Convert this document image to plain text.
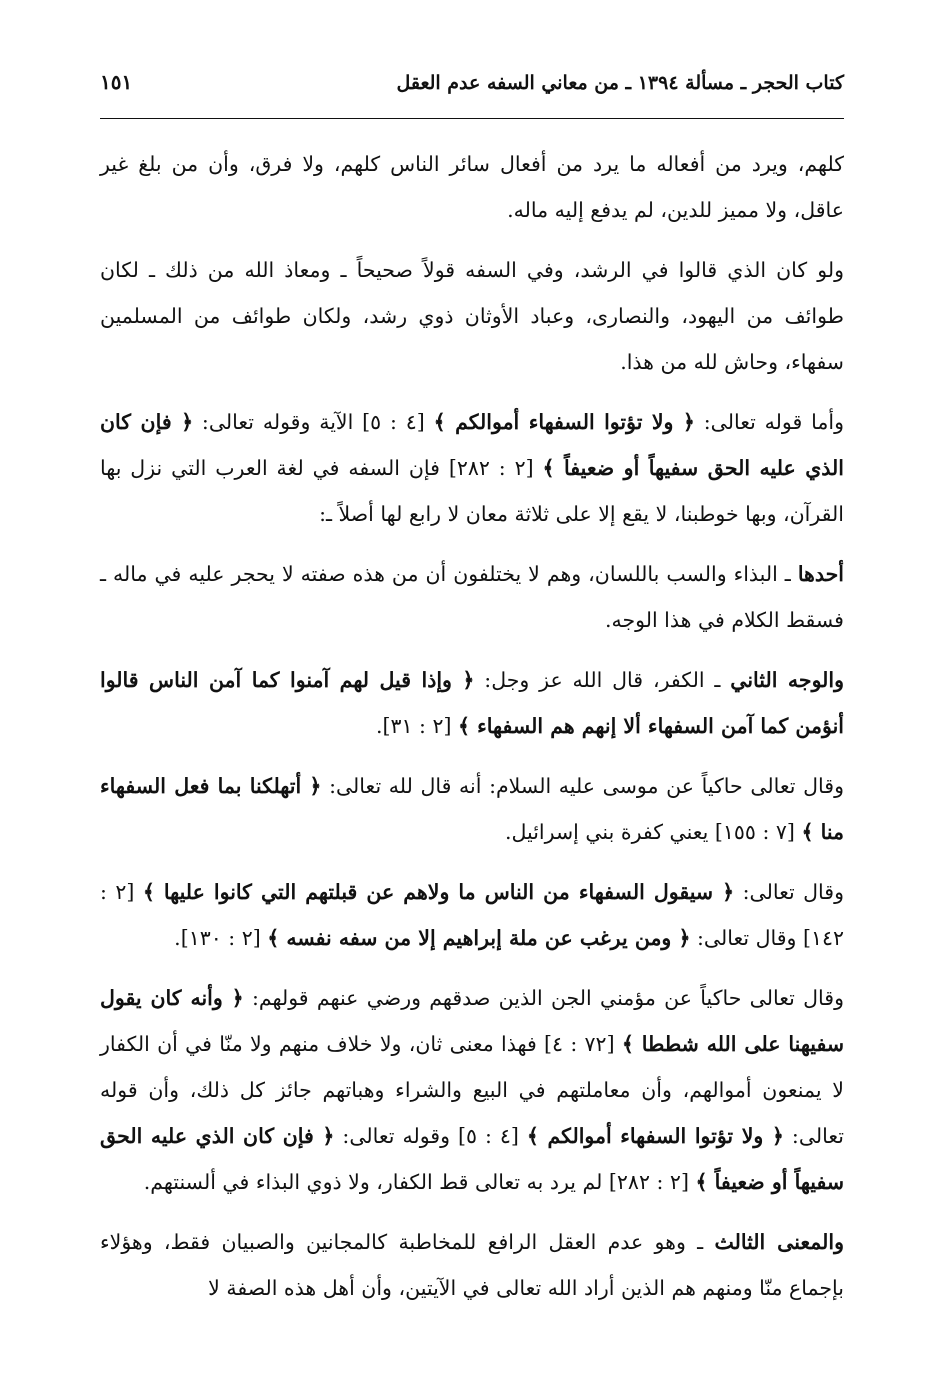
كتاب الحجر ـ مسألة ١٣٩٤ ـ من معاني السفه عدم العقل
١٥١

كلهم، ويرد من أفعاله ما يرد من أفعال سائر الناس كلهم، ولا فرق، وأن من بلغ غير عاقل، ولا مميز للدين، لم يدفع إليه ماله.

ولو كان الذي قالوا في الرشد، وفي السفه قولاً صحيحاً ـ ومعاذ الله من ذلك ـ لكان طوائف من اليهود، والنصارى، وعباد الأوثان ذوي رشد، ولكان طوائف من المسلمين سفهاء، وحاش لله من هذا.

وأما قوله تعالى: ﴿ ولا تؤتوا السفهاء أموالكم ﴾ [٤ : ٥] الآية وقوله تعالى: ﴿ فإن كان الذي عليه الحق سفيهاً أو ضعيفاً ﴾ [٢ : ٢٨٢] فإن السفه في لغة العرب التي نزل بها القرآن، وبها خوطبنا، لا يقع إلا على ثلاثة معان لا رابع لها أصلاً ـ:

أحدها ـ البذاء والسب باللسان، وهم لا يختلفون أن من هذه صفته لا يحجر عليه في ماله ـ فسقط الكلام في هذا الوجه.

والوجه الثاني ـ الكفر، قال الله عز وجل: ﴿ وإذا قيل لهم آمنوا كما آمن الناس قالوا أنؤمن كما آمن السفهاء ألا إنهم هم السفهاء ﴾ [٢ : ٣١].

وقال تعالى حاكياً عن موسى عليه السلام: أنه قال لله تعالى: ﴿ أتهلكنا بما فعل السفهاء منا ﴾ [٧ : ١٥٥] يعني كفرة بني إسرائيل.

وقال تعالى: ﴿ سيقول السفهاء من الناس ما ولاهم عن قبلتهم التي كانوا عليها ﴾ [٢ : ١٤٢] وقال تعالى: ﴿ ومن يرغب عن ملة إبراهيم إلا من سفه نفسه ﴾ [٢ : ١٣٠].

وقال تعالى حاكياً عن مؤمني الجن الذين صدقهم ورضي عنهم قولهم: ﴿ وأنه كان يقول سفيهنا على الله شططا ﴾ [٧٢ : ٤] فهذا معنى ثان، ولا خلاف منهم ولا منّا في أن الكفار لا يمنعون أموالهم، وأن معاملتهم في البيع والشراء وهباتهم جائز كل ذلك، وأن قوله تعالى: ﴿ ولا تؤتوا السفهاء أموالكم ﴾ [٤ : ٥] وقوله تعالى: ﴿ فإن كان الذي عليه الحق سفيهاً أو ضعيفاً ﴾ [٢ : ٢٨٢] لم يرد به تعالى قط الكفار، ولا ذوي البذاء في ألسنتهم.

والمعنى الثالث ـ وهو عدم العقل الرافع للمخاطبة كالمجانين والصبيان فقط، وهؤلاء بإجماع منّا ومنهم هم الذين أراد الله تعالى في الآيتين، وأن أهل هذه الصفة لا
